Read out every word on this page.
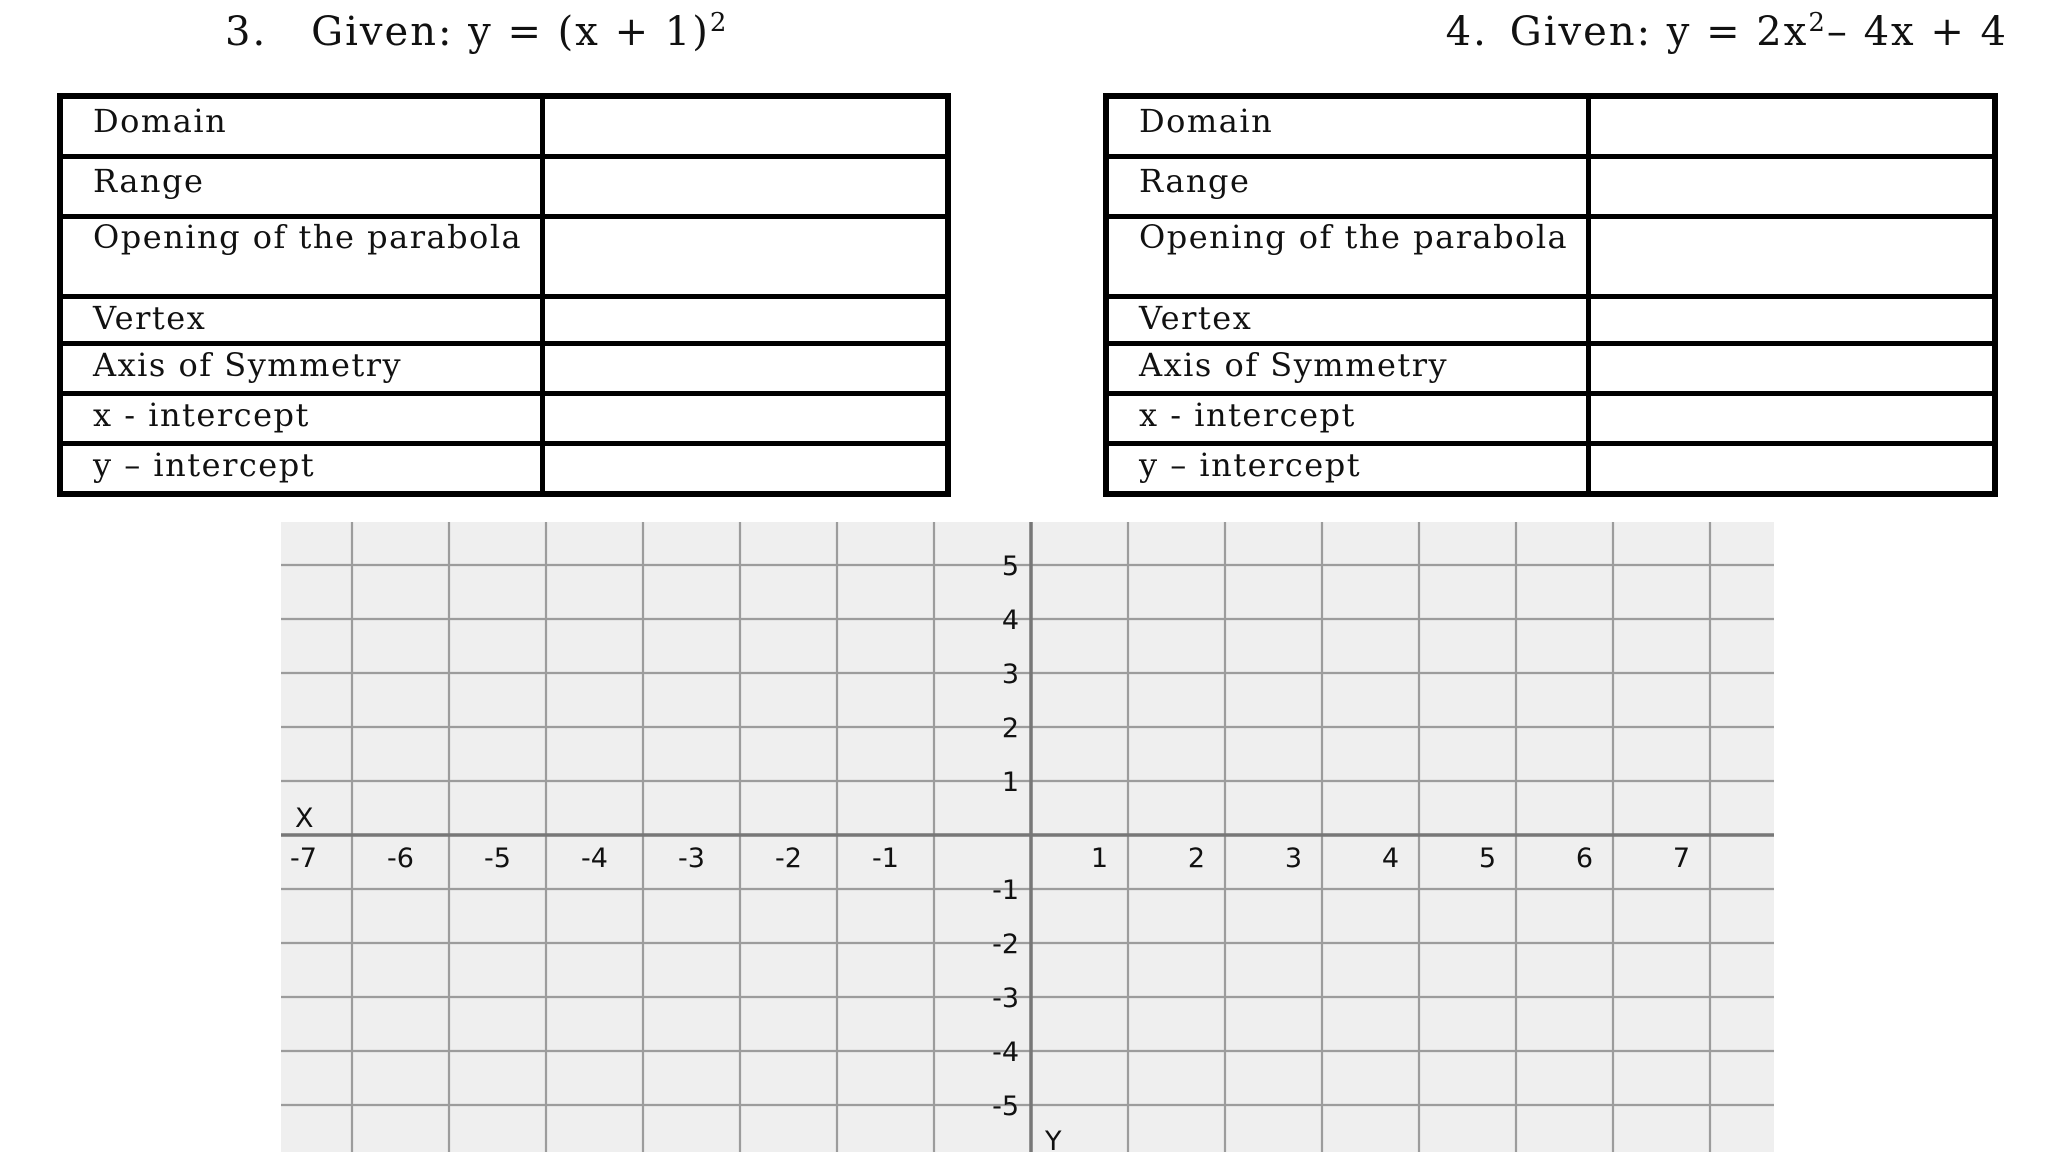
3. Given: $y = (x + 1)^2$	4. Given: $y = 2x^2-$ 4x + 4
Domain	
Range	
Opening of the parabola	
Vertex	
Axis of Symmetry	
x - intercept	
y – intercept	
Domain	
Range	
Opening of the parabola	
Vertex	
Axis of Symmetry	
x - intercept	
y – intercept	
-7	-6	-5	-4	-3	-2	-1	1	2	3	4	5	6	7
5
4
3
2
1
-1
-2
-3
-4
-5
X
Y
